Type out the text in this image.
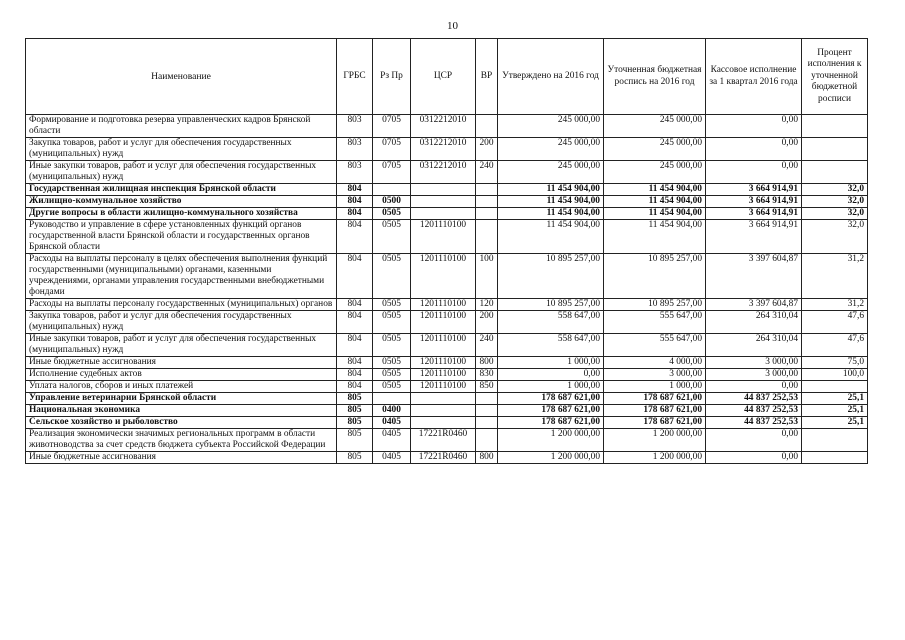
10
Наименование	ГРБС	Рз Пр	ЦСР	ВР	Утверждено на 2016 год	Уточненная бюджетная роспись на 2016 год	Кассовое исполнение за 1 квартал 2016 года	Процент исполнения к уточненной бюджетной росписи
Формирование и подготовка резерва управленческих кадров Брянской области	803	0705	0312212010		245 000,00	245 000,00	0,00	
Закупка товаров, работ и услуг для обеспечения государственных (муниципальных) нужд	803	0705	0312212010	200	245 000,00	245 000,00	0,00	
Иные закупки товаров, работ и услуг для обеспечения государственных (муниципальных) нужд	803	0705	0312212010	240	245 000,00	245 000,00	0,00	
Государственная жилищная инспекция Брянской области	804				11 454 904,00	11 454 904,00	3 664 914,91	32,0
Жилищно-коммунальное хозяйство	804	0500			11 454 904,00	11 454 904,00	3 664 914,91	32,0
Другие вопросы в области жилищно-коммунального хозяйства	804	0505			11 454 904,00	11 454 904,00	3 664 914,91	32,0
Руководство и управление в сфере установленных функций органов государственной власти Брянской области и государственных органов Брянской области	804	0505	1201110100		11 454 904,00	11 454 904,00	3 664 914,91	32,0
Расходы на выплаты персоналу в целях обеспечения выполнения функций государственными (муниципальными) органами, казенными учреждениями, органами управления государственными внебюджетными фондами	804	0505	1201110100	100	10 895 257,00	10 895 257,00	3 397 604,87	31,2
Расходы на выплаты персоналу государственных (муниципальных) органов	804	0505	1201110100	120	10 895 257,00	10 895 257,00	3 397 604,87	31,2
Закупка товаров, работ и услуг для обеспечения государственных (муниципальных) нужд	804	0505	1201110100	200	558 647,00	555 647,00	264 310,04	47,6
Иные закупки товаров, работ и услуг для обеспечения государственных (муниципальных) нужд	804	0505	1201110100	240	558 647,00	555 647,00	264 310,04	47,6
Иные бюджетные ассигнования	804	0505	1201110100	800	1 000,00	4 000,00	3 000,00	75,0
Исполнение судебных актов	804	0505	1201110100	830	0,00	3 000,00	3 000,00	100,0
Уплата налогов, сборов и иных платежей	804	0505	1201110100	850	1 000,00	1 000,00	0,00	
Управление ветеринарии Брянской области	805				178 687 621,00	178 687 621,00	44 837 252,53	25,1
Национальная экономика	805	0400			178 687 621,00	178 687 621,00	44 837 252,53	25,1
Сельское хозяйство и рыболовство	805	0405			178 687 621,00	178 687 621,00	44 837 252,53	25,1
Реализация экономически значимых региональных программ в области животноводства за счет средств бюджета субъекта Российской Федерации	805	0405	17221R0460		1 200 000,00	1 200 000,00	0,00	
Иные бюджетные ассигнования	805	0405	17221R0460	800	1 200 000,00	1 200 000,00	0,00	
